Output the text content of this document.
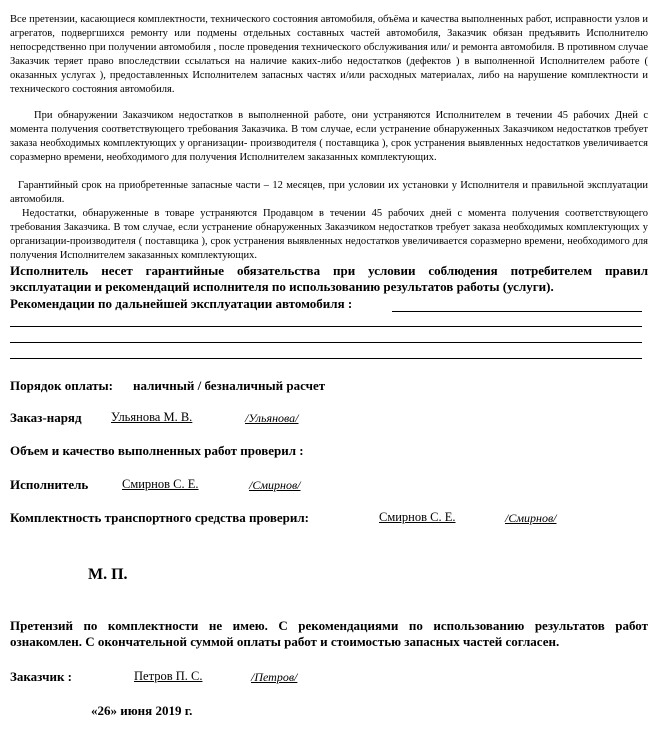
Все претензии, касающиеся комплектности, технического состояния автомобиля, объёма и качества выполненных работ, исправности узлов и агрегатов, подвергшихся ремонту или подмены отдельных составных частей автомобиля, Заказчик обязан предъявить Исполнителю непосредственно при получении автомобиля , после проведения технического обслуживания или/ и ремонта автомобиля. В противном случае Заказчик теряет право впоследствии ссылаться на наличие каких-либо недостатков (дефектов ) в выполненной Исполнителем работе ( оказанных услугах ), предоставленных Исполнителем запасных частях и/или расходных материалах, либо на нарушение комплектности и технического состояния автомобиля.
При обнаружении Заказчиком недостатков в выполненной работе, они устраняются Исполнителем в течении 45 рабочих Дней с момента получения соответствующего требования Заказчика. В том случае, если устранение обнаруженных Заказчиком недостатков требует заказа необходимых комплектующих у организации- производителя ( поставщика ), срок устранения выявленных недостатков увеличивается соразмерно времени, необходимого для получения Исполнителем заказанных комплектующих.
Гарантийный срок на приобретенные запасные части – 12 месяцев, при условии их установки у Исполнителя и правильной эксплуатации автомобиля.
Недостатки, обнаруженные в товаре устраняются Продавцом в течении 45 рабочих дней с момента получения соответствующего требования Заказчика. В том случае, если устранение обнаруженных Заказчиком недостатков требует заказа необходимых комплектующих у организации-производителя ( поставщика ), срок устранения выявленных недостатков увеличивается соразмерно времени, необходимого для получения Исполнителем заказанных комплектующих.
Исполнитель несет гарантийные обязательства при условии соблюдения потребителем правил эксплуатации и рекомендаций исполнителя по использованию результатов работы (услуги).
Рекомендации по дальнейшей эксплуатации автомобиля :
Порядок оплаты: наличный / безналичный расчет
Заказ-наряд Ульянова М. В.	/Ульянова/
Объем и качество выполненных работ проверил :
Исполнитель	Смирнов С. Е.	/Смирнов/
Комплектность транспортного средства проверил:	Смирнов С. Е.	/Смирнов/
М. П.
Претензий по комплектности не имею. С рекомендациями по использованию результатов работ ознакомлен. С окончательной суммой оплаты работ и стоимостью запасных частей согласен.
Заказчик :	Петров П. С.	/Петров/
«26» июня 2019 г.
